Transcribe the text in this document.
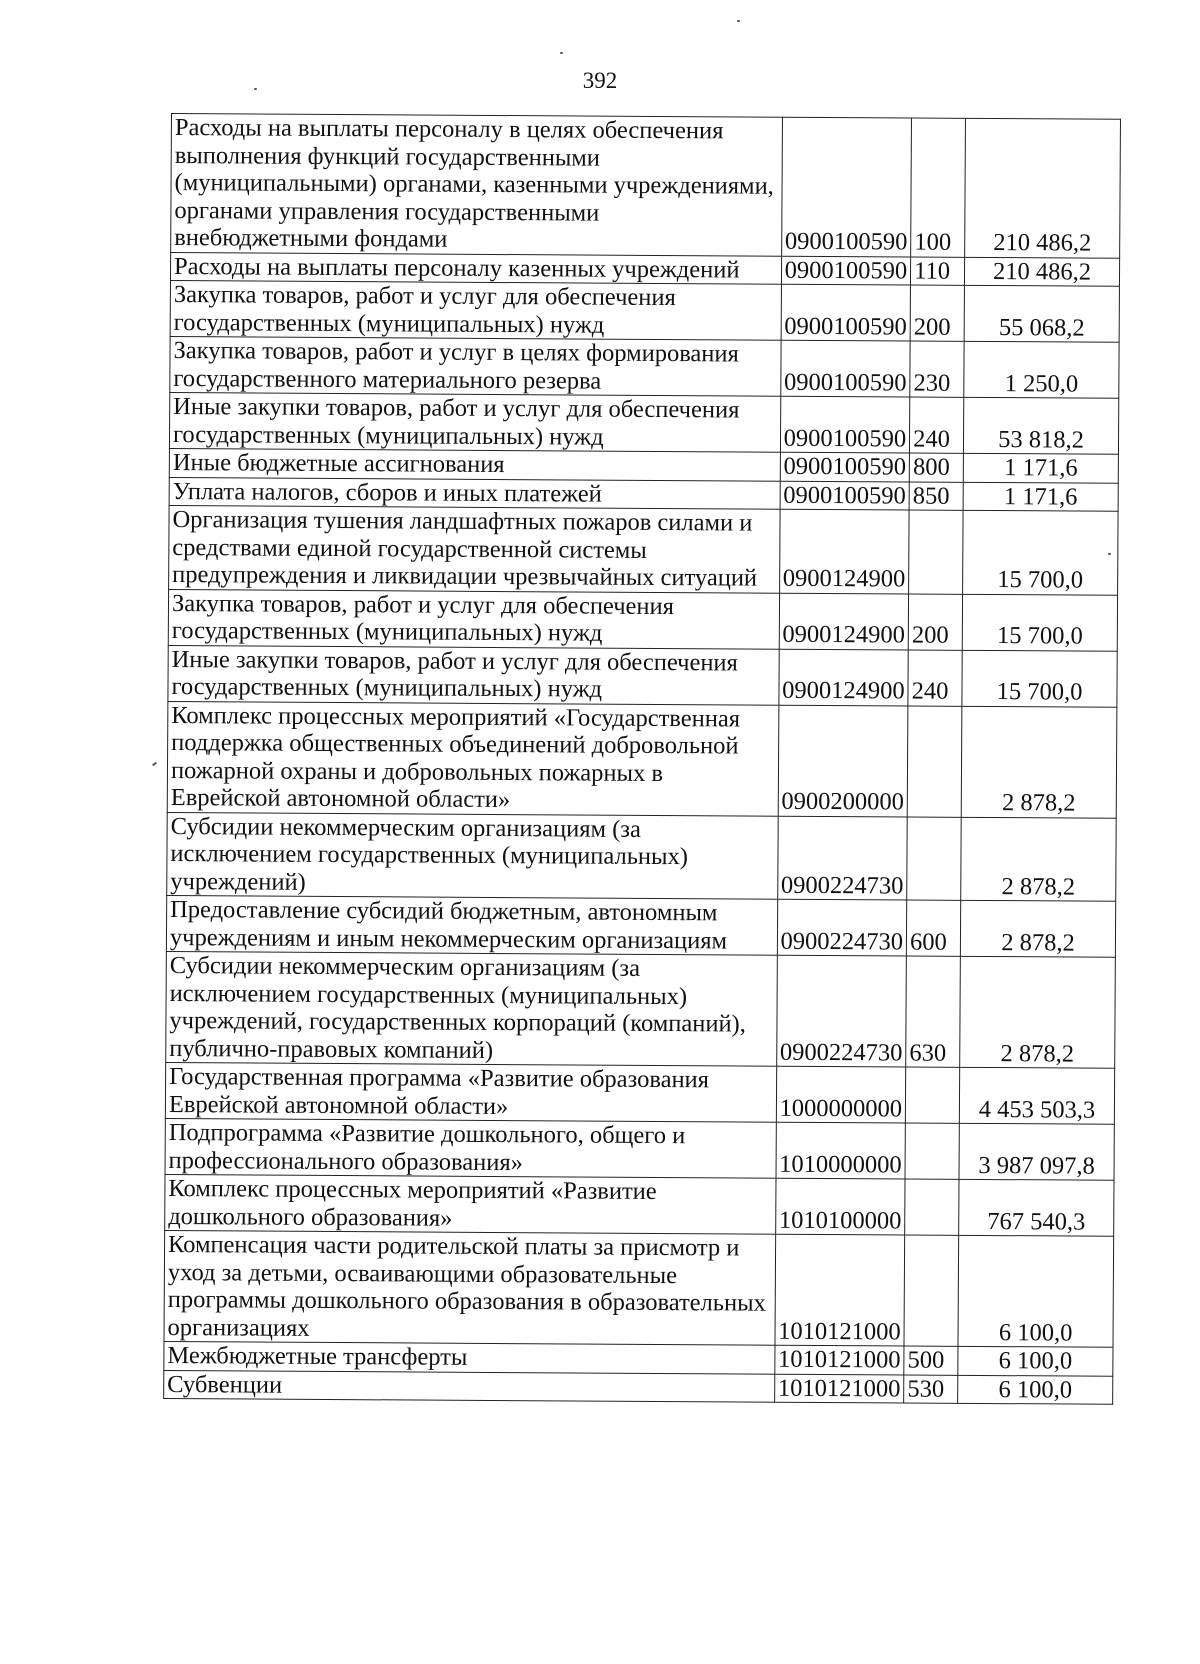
392
Расходы на выплаты персоналу в целях обеспечения выполнения функций государственными (муниципальными) органами, казенными учреждениями, органами управления государственными внебюджетными фондами	0900100590	100	210 486,2
Расходы на выплаты персоналу казенных учреждений	0900100590	110	210 486,2
Закупка товаров, работ и услуг для обеспечения государственных (муниципальных) нужд	0900100590	200	55 068,2
Закупка товаров, работ и услуг в целях формирования государственного материального резерва	0900100590	230	1 250,0
Иные закупки товаров, работ и услуг для обеспечения государственных (муниципальных) нужд	0900100590	240	53 818,2
Иные бюджетные ассигнования	0900100590	800	1 171,6
Уплата налогов, сборов и иных платежей	0900100590	850	1 171,6
Организация тушения ландшафтных пожаров силами и средствами единой государственной системы предупреждения и ликвидации чрезвычайных ситуаций	0900124900		15 700,0
Закупка товаров, работ и услуг для обеспечения государственных (муниципальных) нужд	0900124900	200	15 700,0
Иные закупки товаров, работ и услуг для обеспечения государственных (муниципальных) нужд	0900124900	240	15 700,0
Комплекс процессных мероприятий «Государственная поддержка общественных объединений добровольной пожарной охраны и добровольных пожарных в Еврейской автономной области»	0900200000		2 878,2
Субсидии некоммерческим организациям (за исключением государственных (муниципальных) учреждений)	0900224730		2 878,2
Предоставление субсидий бюджетным, автономным учреждениям и иным некоммерческим организациям	0900224730	600	2 878,2
Субсидии некоммерческим организациям (за исключением государственных (муниципальных) учреждений, государственных корпораций (компаний), публично-правовых компаний)	0900224730	630	2 878,2
Государственная программа «Развитие образования Еврейской автономной области»	1000000000		4 453 503,3
Подпрограмма «Развитие дошкольного, общего и профессионального образования»	1010000000		3 987 097,8
Комплекс процессных мероприятий «Развитие дошкольного образования»	1010100000		767 540,3
Компенсация части родительской платы за присмотр и уход за детьми, осваивающими образовательные программы дошкольного образования в образовательных организациях	1010121000		6 100,0
Межбюджетные трансферты	1010121000	500	6 100,0
Субвенции	1010121000	530	6 100,0
